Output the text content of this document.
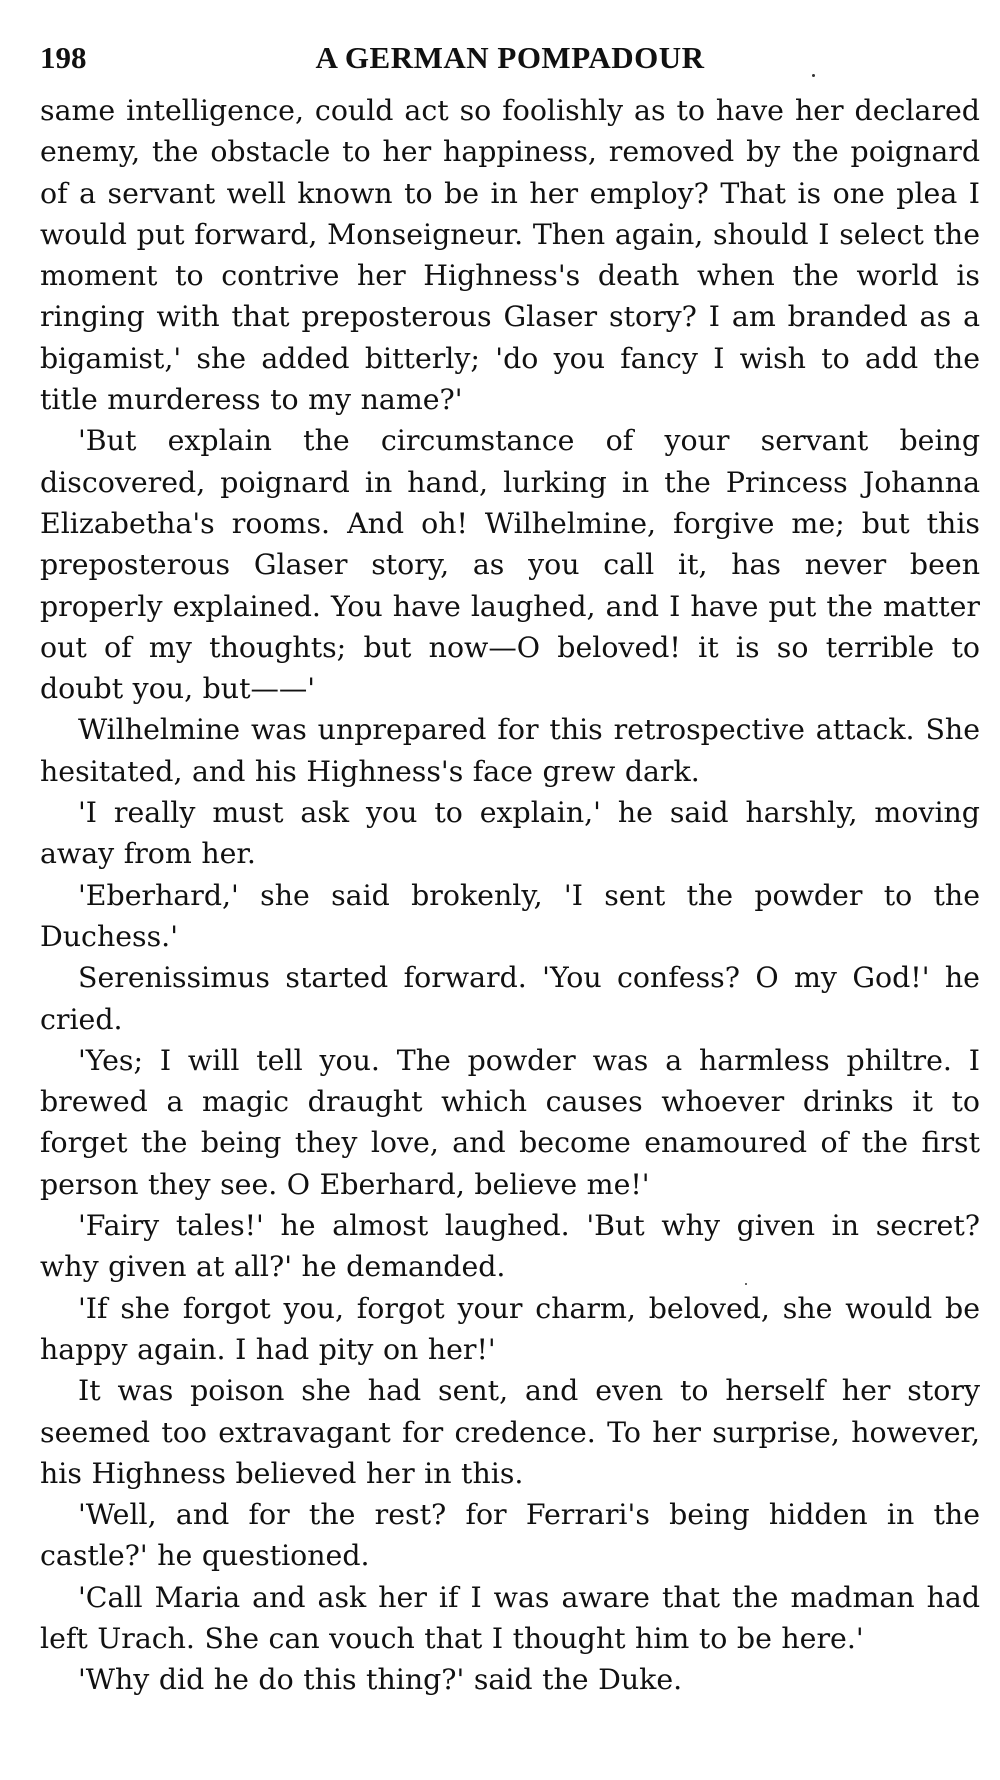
198	A GERMAN POMPADOUR

same intelligence, could act so foolishly as to have her declared enemy, the obstacle to her happiness, removed by the poignard of a servant well known to be in her employ? That is one plea I would put forward, Monseigneur. Then again, should I select the moment to contrive her Highness's death when the world is ringing with that preposterous Glaser story? I am branded as a bigamist,' she added bitterly; 'do you fancy I wish to add the title murderess to my name?'

'But explain the circumstance of your servant being discovered, poignard in hand, lurking in the Princess Johanna Elizabetha's rooms. And oh! Wilhelmine, forgive me; but this preposterous Glaser story, as you call it, has never been properly explained. You have laughed, and I have put the matter out of my thoughts; but now—O beloved! it is so terrible to doubt you, but——'

Wilhelmine was unprepared for this retrospective attack. She hesitated, and his Highness's face grew dark.

'I really must ask you to explain,' he said harshly, moving away from her.

'Eberhard,' she said brokenly, 'I sent the powder to the Duchess.'

Serenissimus started forward. 'You confess? O my God!' he cried.

'Yes; I will tell you. The powder was a harmless philtre. I brewed a magic draught which causes whoever drinks it to forget the being they love, and become enamoured of the first person they see. O Eberhard, believe me!'

'Fairy tales!' he almost laughed. 'But why given in secret? why given at all?' he demanded.

'If she forgot you, forgot your charm, beloved, she would be happy again. I had pity on her!'

It was poison she had sent, and even to herself her story seemed too extravagant for credence. To her surprise, however, his Highness believed her in this.

'Well, and for the rest? for Ferrari's being hidden in the castle?' he questioned.

'Call Maria and ask her if I was aware that the madman had left Urach. She can vouch that I thought him to be here.'

'Why did he do this thing?' said the Duke.
